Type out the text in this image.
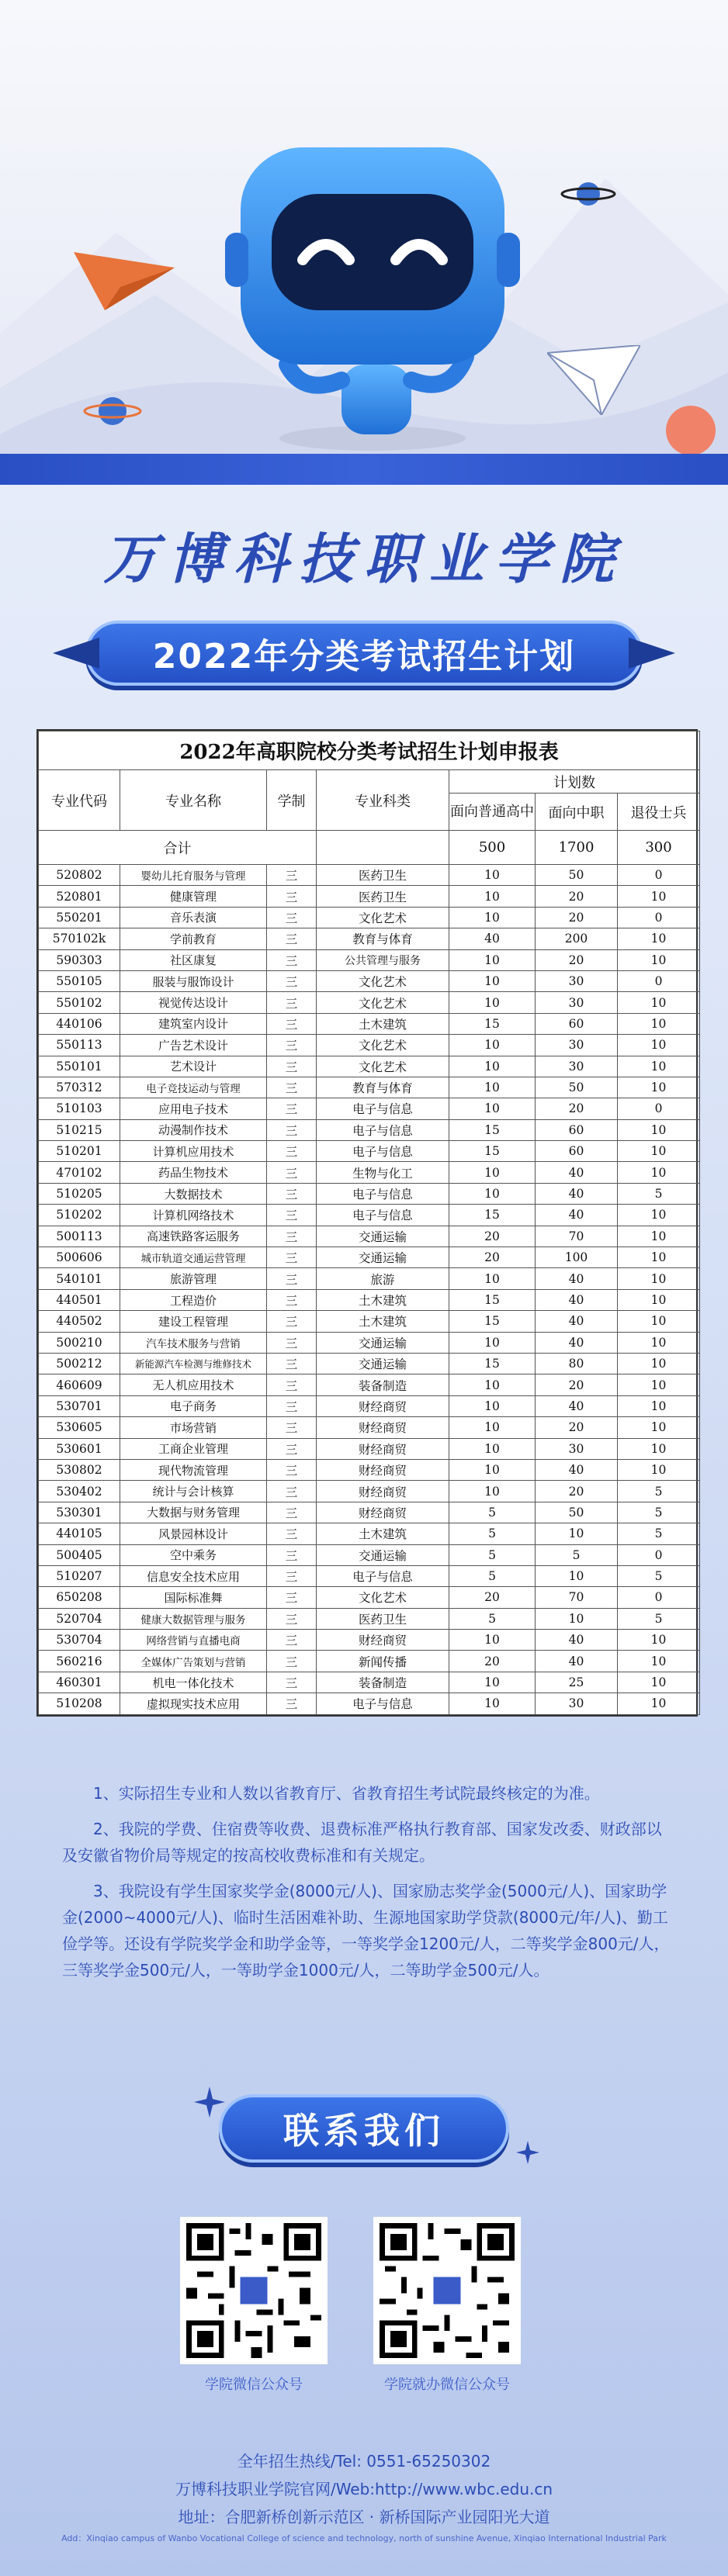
万博科技职业学院
2022年分类考试招生计划
2022年高职院校分类考试招生计划申报表						
专业代码	专业名称	学制	专业科类	计划数		
				面向普通高中	面向中职	退役士兵
合计				500	1700	300
520802	婴幼儿托育服务与管理	三	医药卫生	10	50	0
520801	健康管理	三	医药卫生	10	20	10
550201	音乐表演	三	文化艺术	10	20	0
570102k	学前教育	三	教育与体育	40	200	10
590303	社区康复	三	公共管理与服务	10	20	10
550105	服装与服饰设计	三	文化艺术	10	30	0
550102	视觉传达设计	三	文化艺术	10	30	10
440106	建筑室内设计	三	土木建筑	15	60	10
550113	广告艺术设计	三	文化艺术	10	30	10
550101	艺术设计	三	文化艺术	10	30	10
570312	电子竞技运动与管理	三	教育与体育	10	50	10
510103	应用电子技术	三	电子与信息	10	20	0
510215	动漫制作技术	三	电子与信息	15	60	10
510201	计算机应用技术	三	电子与信息	15	60	10
470102	药品生物技术	三	生物与化工	10	40	10
510205	大数据技术	三	电子与信息	10	40	5
510202	计算机网络技术	三	电子与信息	15	40	10
500113	高速铁路客运服务	三	交通运输	20	70	10
500606	城市轨道交通运营管理	三	交通运输	20	100	10
540101	旅游管理	三	旅游	10	40	10
440501	工程造价	三	土木建筑	15	40	10
440502	建设工程管理	三	土木建筑	15	40	10
500210	汽车技术服务与营销	三	交通运输	10	40	10
500212	新能源汽车检测与维修技术	三	交通运输	15	80	10
460609	无人机应用技术	三	装备制造	10	20	10
530701	电子商务	三	财经商贸	10	40	10
530605	市场营销	三	财经商贸	10	20	10
530601	工商企业管理	三	财经商贸	10	30	10
530802	现代物流管理	三	财经商贸	10	40	10
530402	统计与会计核算	三	财经商贸	10	20	5
530301	大数据与财务管理	三	财经商贸	5	50	5
440105	风景园林设计	三	土木建筑	5	10	5
500405	空中乘务	三	交通运输	5	5	0
510207	信息安全技术应用	三	电子与信息	5	10	5
650208	国际标准舞	三	文化艺术	20	70	0
520704	健康大数据管理与服务	三	医药卫生	5	10	5
530704	网络营销与直播电商	三	财经商贸	10	40	10
560216	全媒体广告策划与营销	三	新闻传播	20	40	10
460301	机电一体化技术	三	装备制造	10	25	10
510208	虚拟现实技术应用	三	电子与信息	10	30	10

1、实际招生专业和人数以省教育厅、省教育招生考试院最终核定的为准。

2、我院的学费、住宿费等收费、退费标准严格执行教育部、国家发改委、财政部以及安徽省物价局等规定的按高校收费标准和有关规定。

3、我院设有学生国家奖学金(8000元/人)、国家励志奖学金(5000元/人)、国家助学金(2000~4000元/人)、临时生活困难补助、生源地国家助学贷款(8000元/年/人)、勤工俭学等。还设有学院奖学金和助学金等，一等奖学金1200元/人，二等奖学金800元/人，三等奖学金500元/人，一等助学金1000元/人，二等助学金500元/人。

联系我们
学院微信公众号	学院就办微信公众号
全年招生热线/Tel: 0551-65250302
万博科技职业学院官网/Web:http://www.wbc.edu.cn
地址：合肥新桥创新示范区 · 新桥国际产业园阳光大道
Add：Xinqiao campus of Wanbo Vocational College of science and technology, north of sunshine Avenue, Xinqiao International Industrial Park
